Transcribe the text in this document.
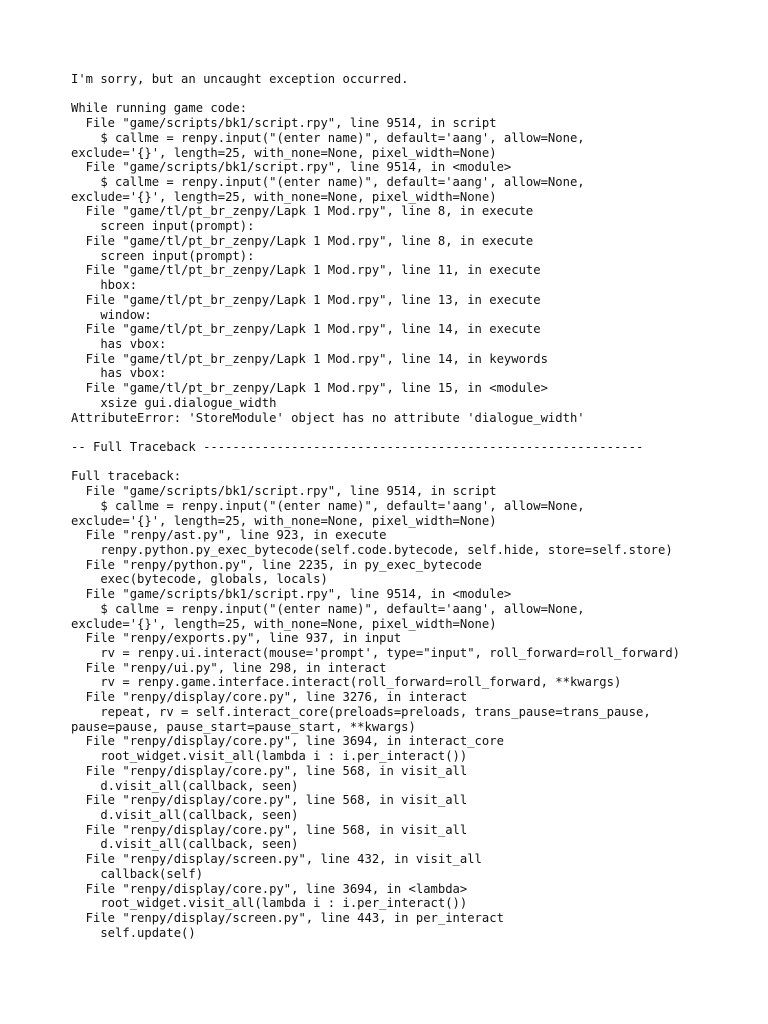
I'm sorry, but an uncaught exception occurred.
While running game code:
File "game/scripts/bk1/script.rpy", line 9514, in script
$ callme = renpy.input("(enter name)", default='aang', allow=None,
exclude='{}', length=25, with_none=None, pixel_width=None)
File "game/scripts/bk1/script.rpy", line 9514, in <module>
$ callme = renpy.input("(enter name)", default='aang', allow=None,
exclude='{}', length=25, with_none=None, pixel_width=None)
File "game/tl/pt_br_zenpy/Lapk 1 Mod.rpy", line 8, in execute
screen input(prompt):
File "game/tl/pt_br_zenpy/Lapk 1 Mod.rpy", line 8, in execute
screen input(prompt):
File "game/tl/pt_br_zenpy/Lapk 1 Mod.rpy", line 11, in execute
hbox:
File "game/tl/pt_br_zenpy/Lapk 1 Mod.rpy", line 13, in execute
window:
File "game/tl/pt_br_zenpy/Lapk 1 Mod.rpy", line 14, in execute
has vbox:
File "game/tl/pt_br_zenpy/Lapk 1 Mod.rpy", line 14, in keywords
has vbox:
File "game/tl/pt_br_zenpy/Lapk 1 Mod.rpy", line 15, in <module>
xsize gui.dialogue_width
AttributeError: 'StoreModule' object has no attribute 'dialogue_width'
-- Full Traceback ------------------------------------------------------------
Full traceback:
File "game/scripts/bk1/script.rpy", line 9514, in script
$ callme = renpy.input("(enter name)", default='aang', allow=None,
exclude='{}', length=25, with_none=None, pixel_width=None)
File "renpy/ast.py", line 923, in execute
renpy.python.py_exec_bytecode(self.code.bytecode, self.hide, store=self.store)
File "renpy/python.py", line 2235, in py_exec_bytecode
exec(bytecode, globals, locals)
File "game/scripts/bk1/script.rpy", line 9514, in <module>
$ callme = renpy.input("(enter name)", default='aang', allow=None,
exclude='{}', length=25, with_none=None, pixel_width=None)
File "renpy/exports.py", line 937, in input
rv = renpy.ui.interact(mouse='prompt', type="input", roll_forward=roll_forward)
File "renpy/ui.py", line 298, in interact
rv = renpy.game.interface.interact(roll_forward=roll_forward, **kwargs)
File "renpy/display/core.py", line 3276, in interact
repeat, rv = self.interact_core(preloads=preloads, trans_pause=trans_pause,
pause=pause, pause_start=pause_start, **kwargs)
File "renpy/display/core.py", line 3694, in interact_core
root_widget.visit_all(lambda i : i.per_interact())
File "renpy/display/core.py", line 568, in visit_all
d.visit_all(callback, seen)
File "renpy/display/core.py", line 568, in visit_all
d.visit_all(callback, seen)
File "renpy/display/core.py", line 568, in visit_all
d.visit_all(callback, seen)
File "renpy/display/screen.py", line 432, in visit_all
callback(self)
File "renpy/display/core.py", line 3694, in <lambda>
root_widget.visit_all(lambda i : i.per_interact())
File "renpy/display/screen.py", line 443, in per_interact
self.update()
